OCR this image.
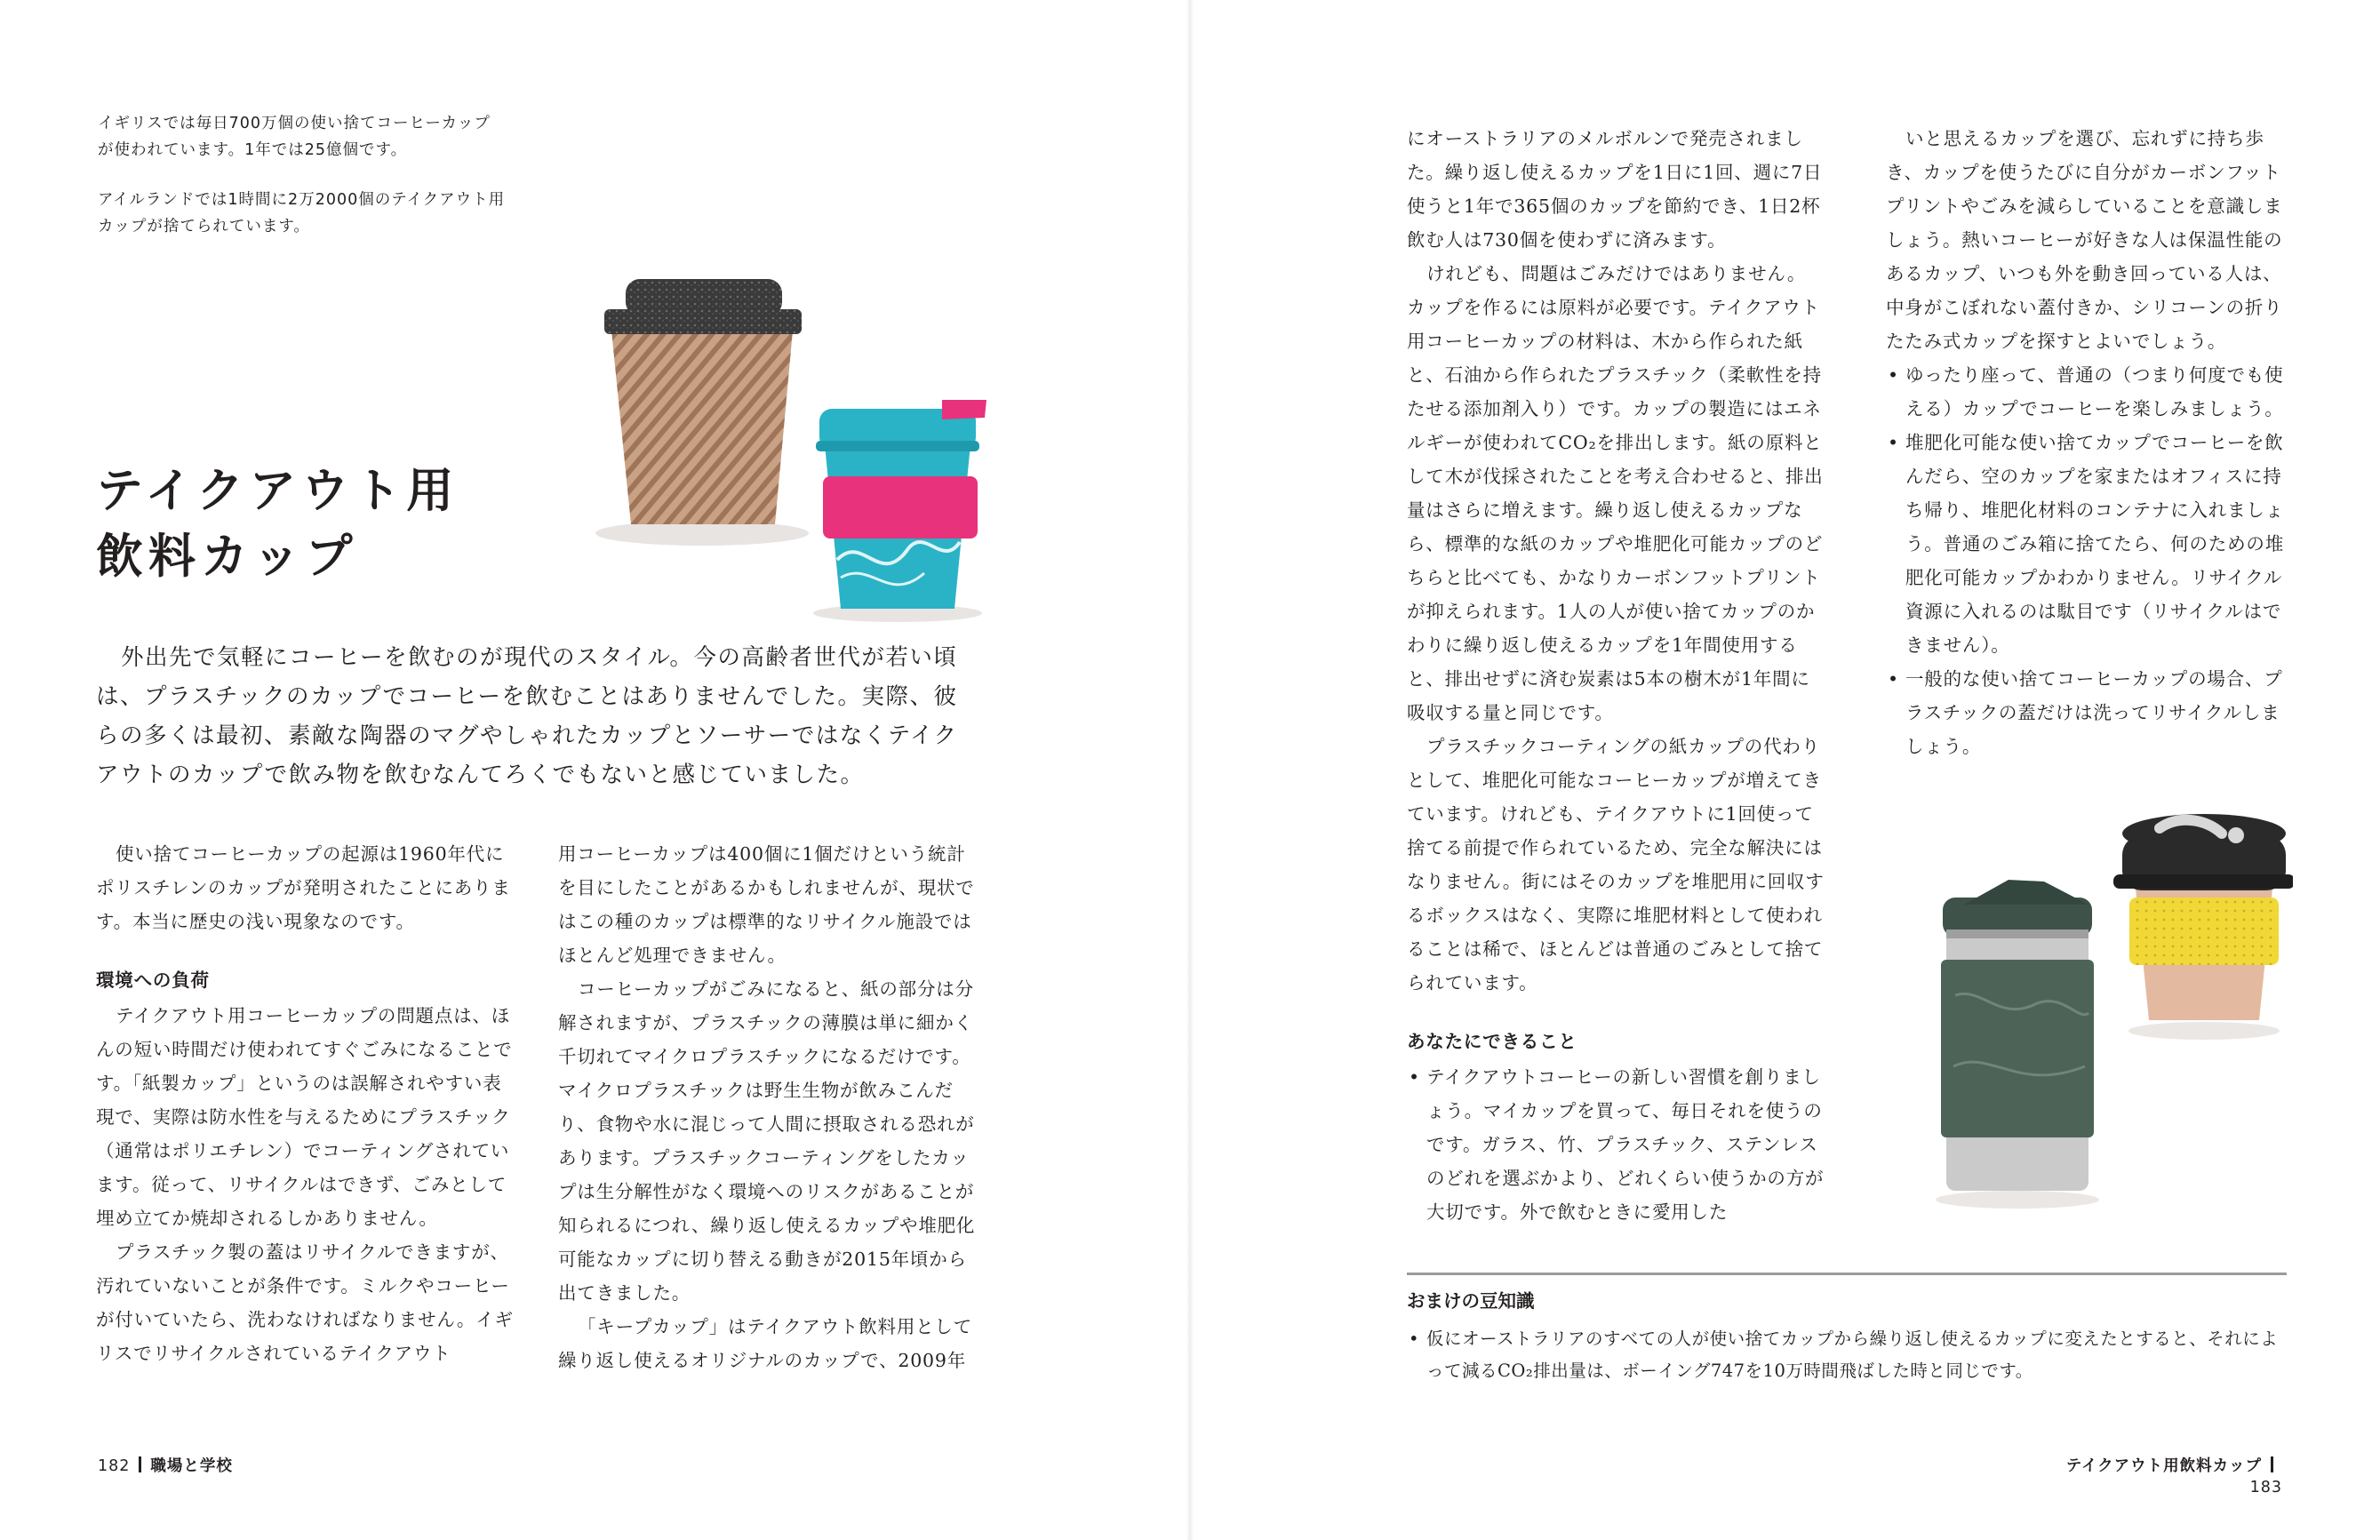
イギリスでは毎日700万個の使い捨てコーヒーカップが使われています。1年では25億個です。

アイルランドでは1時間に2万2000個のテイクアウト用カップが捨てられています。

テイクアウト用
飲料カップ

外出先で気軽にコーヒーを飲むのが現代のスタイル。今の高齢者世代が若い頃は、プラスチックのカップでコーヒーを飲むことはありませんでした。実際、彼らの多くは最初、素敵な陶器のマグやしゃれたカップとソーサーではなくテイクアウトのカップで飲み物を飲むなんてろくでもないと感じていました。

使い捨てコーヒーカップの起源は1960年代にポリスチレンのカップが発明されたことにあります。本当に歴史の浅い現象なのです。

環境への負荷

テイクアウト用コーヒーカップの問題点は、ほんの短い時間だけ使われてすぐごみになることです。「紙製カップ」というのは誤解されやすい表現で、実際は防水性を与えるためにプラスチック（通常はポリエチレン）でコーティングされています。従って、リサイクルはできず、ごみとして埋め立てか焼却されるしかありません。

プラスチック製の蓋はリサイクルできますが、汚れていないことが条件です。ミルクやコーヒーが付いていたら、洗わなければなりません。イギリスでリサイクルされているテイクアウト

用コーヒーカップは400個に1個だけという統計を目にしたことがあるかもしれませんが、現状ではこの種のカップは標準的なリサイクル施設ではほとんど処理できません。

コーヒーカップがごみになると、紙の部分は分解されますが、プラスチックの薄膜は単に細かく千切れてマイクロプラスチックになるだけです。マイクロプラスチックは野生生物が飲みこんだり、食物や水に混じって人間に摂取される恐れがあります。プラスチックコーティングをしたカップは生分解性がなく環境へのリスクがあることが知られるにつれ、繰り返し使えるカップや堆肥化可能なカップに切り替える動きが2015年頃から出てきました。

「キープカップ」はテイクアウト飲料用として繰り返し使えるオリジナルのカップで、2009年

182 職場と学校

にオーストラリアのメルボルンで発売されました。繰り返し使えるカップを1日に1回、週に7日使うと1年で365個のカップを節約でき、1日2杯飲む人は730個を使わずに済みます。

けれども、問題はごみだけではありません。カップを作るには原料が必要です。テイクアウト用コーヒーカップの材料は、木から作られた紙と、石油から作られたプラスチック（柔軟性を持たせる添加剤入り）です。カップの製造にはエネルギーが使われてCO₂を排出します。紙の原料として木が伐採されたことを考え合わせると、排出量はさらに増えます。繰り返し使えるカップなら、標準的な紙のカップや堆肥化可能カップのどちらと比べても、かなりカーボンフットプリントが抑えられます。1人の人が使い捨てカップのかわりに繰り返し使えるカップを1年間使用すると、排出せずに済む炭素は5本の樹木が1年間に吸収する量と同じです。

プラスチックコーティングの紙カップの代わりとして、堆肥化可能なコーヒーカップが増えてきています。けれども、テイクアウトに1回使って捨てる前提で作られているため、完全な解決にはなりません。街にはそのカップを堆肥用に回収するボックスはなく、実際に堆肥材料として使われることは稀で、ほとんどは普通のごみとして捨てられています。

あなたにできること
• テイクアウトコーヒーの新しい習慣を創りましょう。マイカップを買って、毎日それを使うのです。ガラス、竹、プラスチック、ステンレスのどれを選ぶかより、どれくらい使うかの方が大切です。外で飲むときに愛用した

いと思えるカップを選び、忘れずに持ち歩き、カップを使うたびに自分がカーボンフットプリントやごみを減らしていることを意識しましょう。熱いコーヒーが好きな人は保温性能のあるカップ、いつも外を動き回っている人は、中身がこぼれない蓋付きか、シリコーンの折りたたみ式カップを探すとよいでしょう。

• ゆったり座って、普通の（つまり何度でも使える）カップでコーヒーを楽しみましょう。
• 堆肥化可能な使い捨てカップでコーヒーを飲んだら、空のカップを家またはオフィスに持ち帰り、堆肥化材料のコンテナに入れましょう。普通のごみ箱に捨てたら、何のための堆肥化可能カップかわかりません。リサイクル資源に入れるのは駄目です（リサイクルはできません）。
• 一般的な使い捨てコーヒーカップの場合、プラスチックの蓋だけは洗ってリサイクルしましょう。
おまけの豆知識
• 仮にオーストラリアのすべての人が使い捨てカップから繰り返し使えるカップに変えたとすると、それによって減るCO₂排出量は、ボーイング747を10万時間飛ばした時と同じです。
テイクアウト用飲料カップ183
